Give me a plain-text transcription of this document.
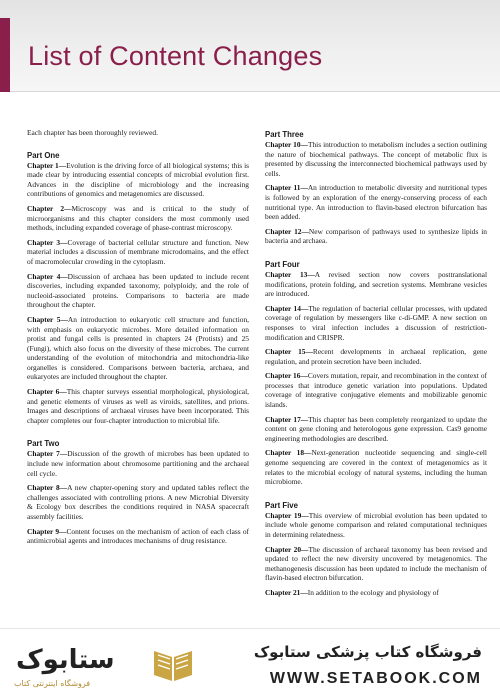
List of Content Changes

Each chapter has been thoroughly reviewed.

Part One

Chapter 1—Evolution is the driving force of all biological systems; this is made clear by introducing essential concepts of microbial evolution first. Advances in the discipline of microbiology and the increasing contributions of genomics and metagenomics are discussed.

Chapter 2—Microscopy was and is critical to the study of microorganisms and this chapter considers the most commonly used methods, including expanded coverage of phase-contrast microscopy.

Chapter 3—Coverage of bacterial cellular structure and function. New material includes a discussion of membrane microdomains, and the effect of macromolecular crowding in the cytoplasm.

Chapter 4—Discussion of archaea has been updated to include recent discoveries, including expanded taxonomy, polyploidy, and the role of nucleoid-associated proteins. Comparisons to bacteria are made throughout the chapter.

Chapter 5—An introduction to eukaryotic cell structure and function, with emphasis on eukaryotic microbes. More detailed information on protist and fungal cells is presented in chapters 24 (Protists) and 25 (Fungi), which also focus on the diversity of these microbes. The current understanding of the evolution of mitochondria and mitochondria-like organelles is considered. Comparisons between bacteria, archaea, and eukaryotes are included throughout the chapter.

Chapter 6—This chapter surveys essential morphological, physiological, and genetic elements of viruses as well as viroids, satellites, and prions. Images and descriptions of archaeal viruses have been incorporated. This chapter completes our four-chapter introduction to microbial life.

Part Two

Chapter 7—Discussion of the growth of microbes has been updated to include new information about chromosome partitioning and the archaeal cell cycle.

Chapter 8—A new chapter-opening story and updated tables reflect the challenges associated with controlling prions. A new Microbial Diversity & Ecology box describes the conditions required in NASA spacecraft assembly facilities.

Chapter 9—Content focuses on the mechanism of action of each class of antimicrobial agents and introduces mechanisms of drug resistance.

Part Three

Chapter 10—This introduction to metabolism includes a section outlining the nature of biochemical pathways. The concept of metabolic flux is presented by discussing the interconnected biochemical pathways used by cells.

Chapter 11—An introduction to metabolic diversity and nutritional types is followed by an exploration of the energy-conserving process of each nutritional type. An introduction to flavin-based electron bifurcation has been added.

Chapter 12—New comparison of pathways used to synthesize lipids in bacteria and archaea.

Part Four

Chapter 13—A revised section now covers posttranslational modifications, protein folding, and secretion systems. Membrane vesicles are introduced.

Chapter 14—The regulation of bacterial cellular processes, with updated coverage of regulation by messengers like c-di-GMP. A new section on responses to viral infection includes a discussion of restriction-modification and CRISPR.

Chapter 15—Recent developments in archaeal replication, gene regulation, and protein secretion have been included.

Chapter 16—Covers mutation, repair, and recombination in the context of processes that introduce genetic variation into populations. Updated coverage of integrative conjugative elements and mobilizable genomic islands.

Chapter 17—This chapter has been completely reorganized to update the content on gene cloning and heterologous gene expression. Cas9 genome engineering methodologies are described.

Chapter 18—Next-generation nucleotide sequencing and single-cell genome sequencing are covered in the context of metagenomics as it relates to the microbial ecology of natural systems, including the human microbiome.

Part Five

Chapter 19—This overview of microbial evolution has been updated to include whole genome comparison and related computational techniques in determining relatedness.

Chapter 20—The discussion of archaeal taxonomy has been revised and updated to reflect the new diversity uncovered by metagenomics. The methanogenesis discussion has been updated to include the mechanism of flavin-based electron bifurcation.

Chapter 21—In addition to the ecology and physiology of

ستابوک
فروشگاه اینترنتی کتاب
فروشگاه کتاب پزشکی ستابوک
WWW.SETABOOK.COM
